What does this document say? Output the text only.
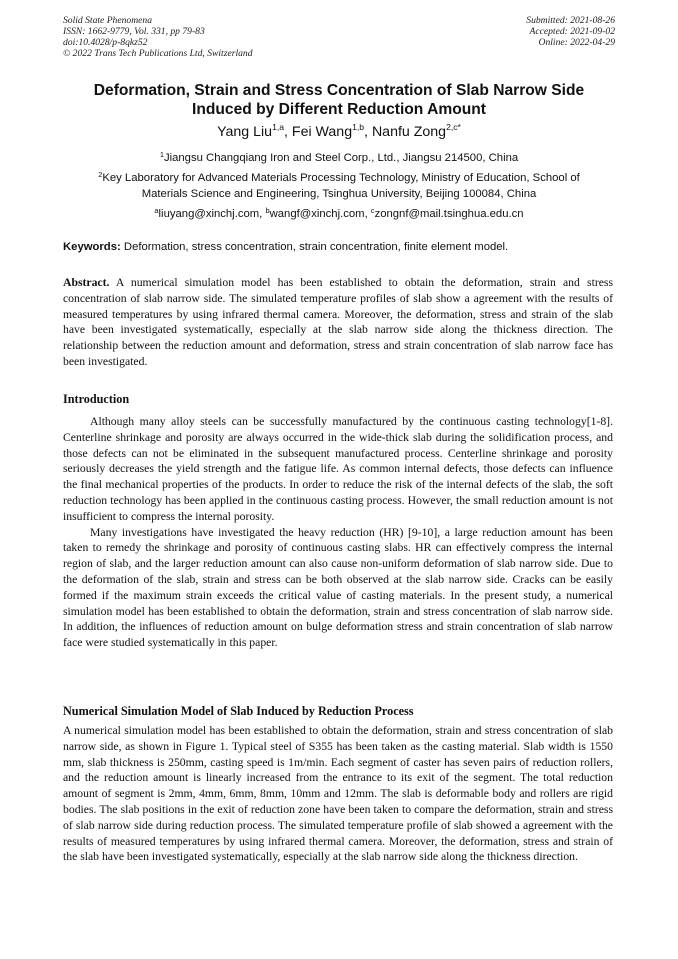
Solid State Phenomena
ISSN: 1662-9779, Vol. 331, pp 79-83
doi:10.4028/p-8qkz52
© 2022 Trans Tech Publications Ltd, Switzerland
Submitted: 2021-08-26
Accepted: 2021-09-02
Online: 2022-04-29
Deformation, Strain and Stress Concentration of Slab Narrow Side
Induced by Different Reduction Amount
Yang Liu$^{1,a}$, Fei Wang$^{1,b}$, Nanfu Zong$^{2,c*}$
$^1$Jiangsu Changqiang Iron and Steel Corp., Ltd., Jiangsu 214500, China
$^2$Key Laboratory for Advanced Materials Processing Technology, Ministry of Education, School of
Materials Science and Engineering, Tsinghua University, Beijing 100084, China
$^a$liuyang@xinchj.com, $^b$wangf@xinchj.com, $^c$zongnf@mail.tsinghua.edu.cn
Keywords: Deformation, stress concentration, strain concentration, finite element model.

Abstract. A numerical simulation model has been established to obtain the deformation, strain and stress concentration of slab narrow side. The simulated temperature profiles of slab show a agreement with the results of measured temperatures by using infrared thermal camera. Moreover, the deformation, stress and strain of the slab have been investigated systematically, especially at the slab narrow side along the thickness direction. The relationship between the reduction amount and deformation, stress and strain concentration of slab narrow face has been investigated.

Introduction

Although many alloy steels can be successfully manufactured by the continuous casting technology[1-8]. Centerline shrinkage and porosity are always occurred in the wide-thick slab during the solidification process, and those defects can not be eliminated in the subsequent manufactured process. Centerline shrinkage and porosity seriously decreases the yield strength and the fatigue life. As common internal defects, those defects can influence the final mechanical properties of the products. In order to reduce the risk of the internal defects of the slab, the soft reduction technology has been applied in the continuous casting process. However, the small reduction amount is not insufficient to compress the internal porosity.

Many investigations have investigated the heavy reduction (HR) [9-10], a large reduction amount has been taken to remedy the shrinkage and porosity of continuous casting slabs. HR can effectively compress the internal region of slab, and the larger reduction amount can also cause non-uniform deformation of slab narrow side. Due to the deformation of the slab, strain and stress can be both observed at the slab narrow side. Cracks can be easily formed if the maximum strain exceeds the critical value of casting materials. In the present study, a numerical simulation model has been established to obtain the deformation, strain and stress concentration of slab narrow side. In addition, the influences of reduction amount on bulge deformation stress and strain concentration of slab narrow face were studied systematically in this paper.

Numerical Simulation Model of Slab Induced by Reduction Process

A numerical simulation model has been established to obtain the deformation, strain and stress concentration of slab narrow side, as shown in Figure 1. Typical steel of S355 has been taken as the casting material. Slab width is 1550 mm, slab thickness is 250mm, casting speed is 1m/min. Each segment of caster has seven pairs of reduction rollers, and the reduction amount is linearly increased from the entrance to its exit of the segment. The total reduction amount of segment is 2mm, 4mm, 6mm, 8mm, 10mm and 12mm. The slab is deformable body and rollers are rigid bodies. The slab positions in the exit of reduction zone have been taken to compare the deformation, strain and stress of slab narrow side during reduction process. The simulated temperature profile of slab showed a agreement with the results of measured temperatures by using infrared thermal camera. Moreover, the deformation, stress and strain of the slab have been investigated systematically, especially at the slab narrow side along the thickness direction.
